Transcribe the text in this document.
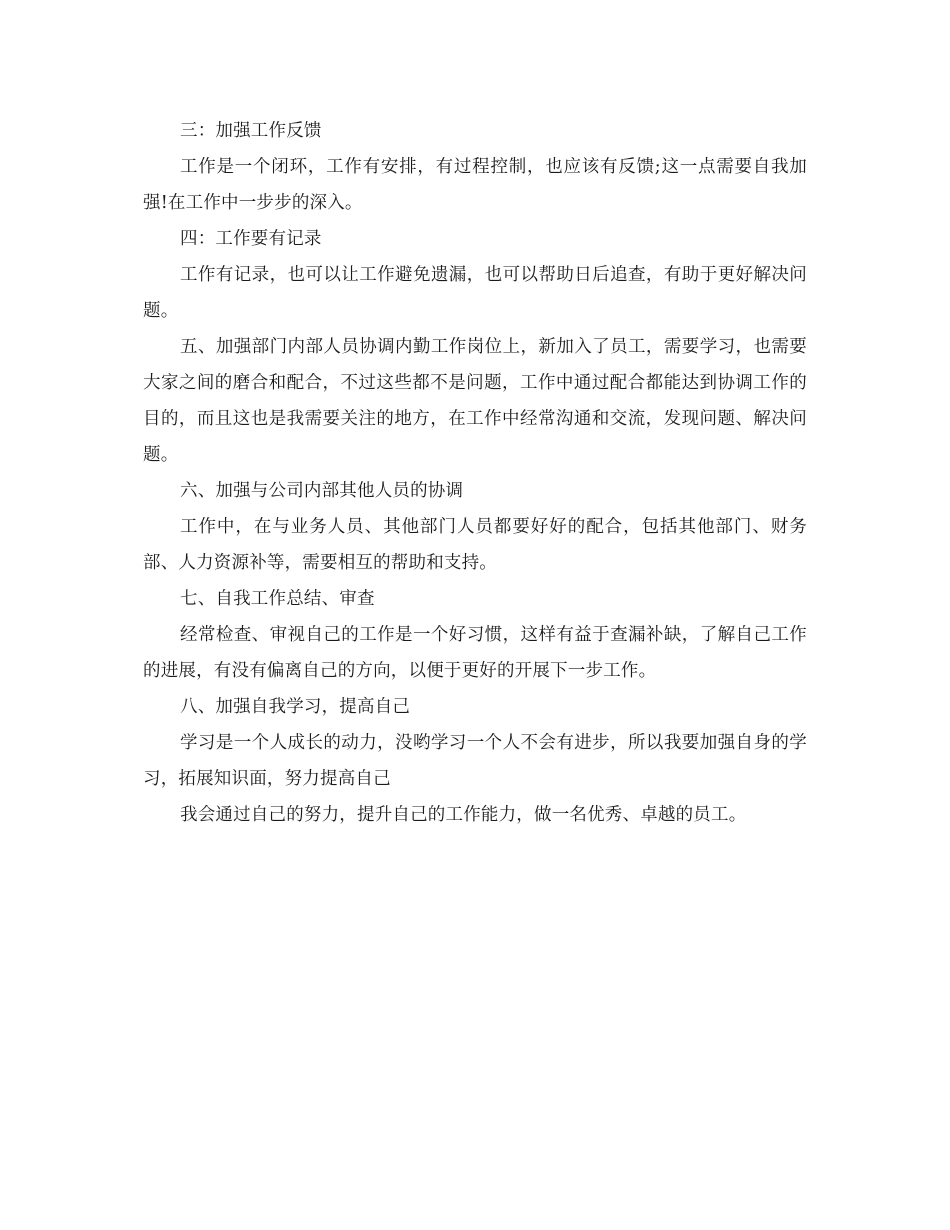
三：加强工作反馈

工作是一个闭环，工作有安排，有过程控制，也应该有反馈;这一点需要自我加强!在工作中一步步的深入。

四：工作要有记录

工作有记录，也可以让工作避免遗漏，也可以帮助日后追查，有助于更好解决问题。

五、加强部门内部人员协调内勤工作岗位上，新加入了员工，需要学习，也需要大家之间的磨合和配合，不过这些都不是问题，工作中通过配合都能达到协调工作的目的，而且这也是我需要关注的地方，在工作中经常沟通和交流，发现问题、解决问题。

六、加强与公司内部其他人员的协调

工作中，在与业务人员、其他部门人员都要好好的配合，包括其他部门、财务部、人力资源补等，需要相互的帮助和支持。

七、自我工作总结、审查

经常检查、审视自己的工作是一个好习惯，这样有益于查漏补缺，了解自己工作的进展，有没有偏离自己的方向，以便于更好的开展下一步工作。

八、加强自我学习，提高自己

学习是一个人成长的动力，没哟学习一个人不会有进步，所以我要加强自身的学习，拓展知识面，努力提高自己

我会通过自己的努力，提升自己的工作能力，做一名优秀、卓越的员工。
